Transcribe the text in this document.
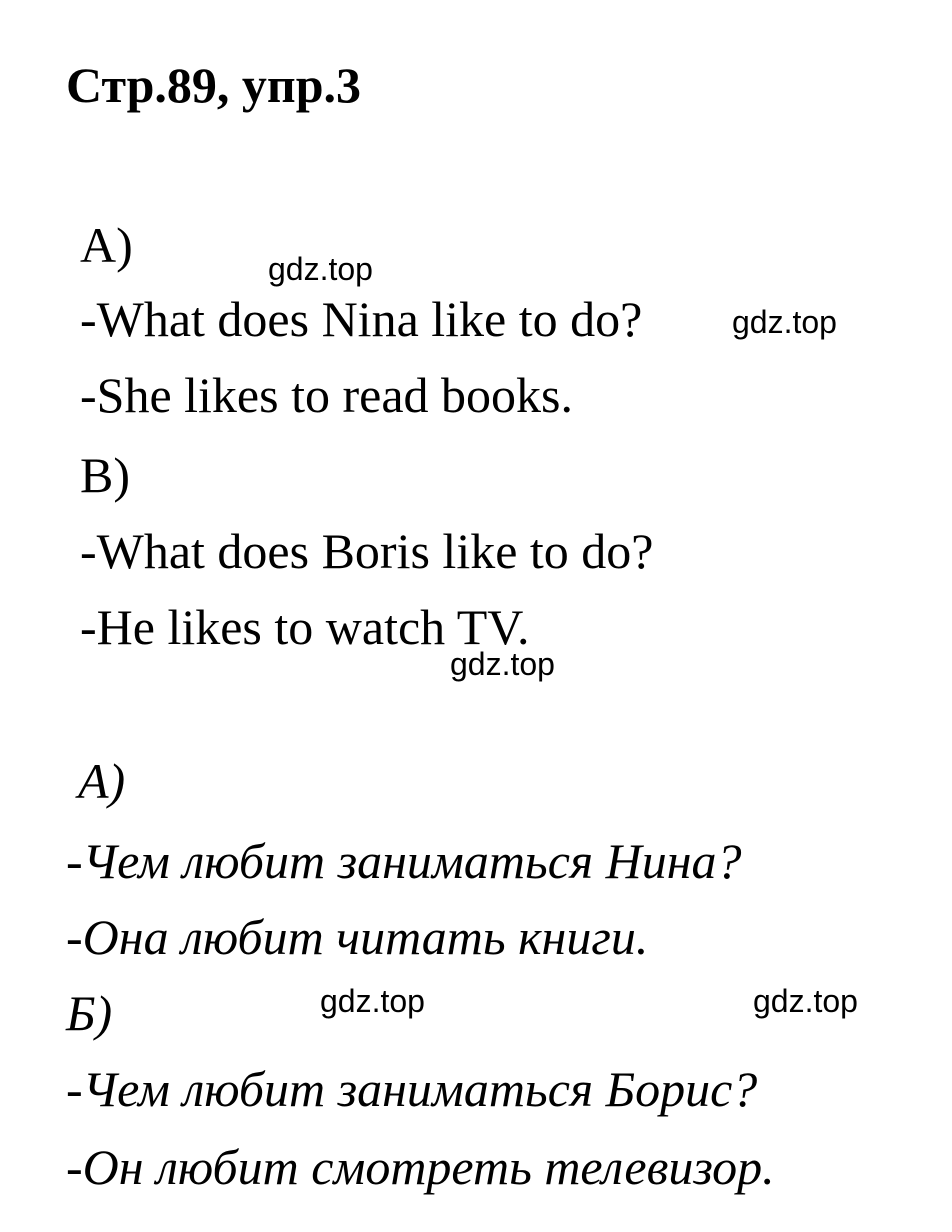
Стр.89, упр.3
A)
-What does Nina like to do?
-She likes to read books.
B)
-What does Boris like to do?
-He likes to watch TV.
А)
-Чем любит заниматься Нина?
-Она любит читать книги.
Б)
-Чем любит заниматься Борис?
-Он любит смотреть телевизор.
gdz.top
gdz.top
gdz.top
gdz.top	gdz.top
